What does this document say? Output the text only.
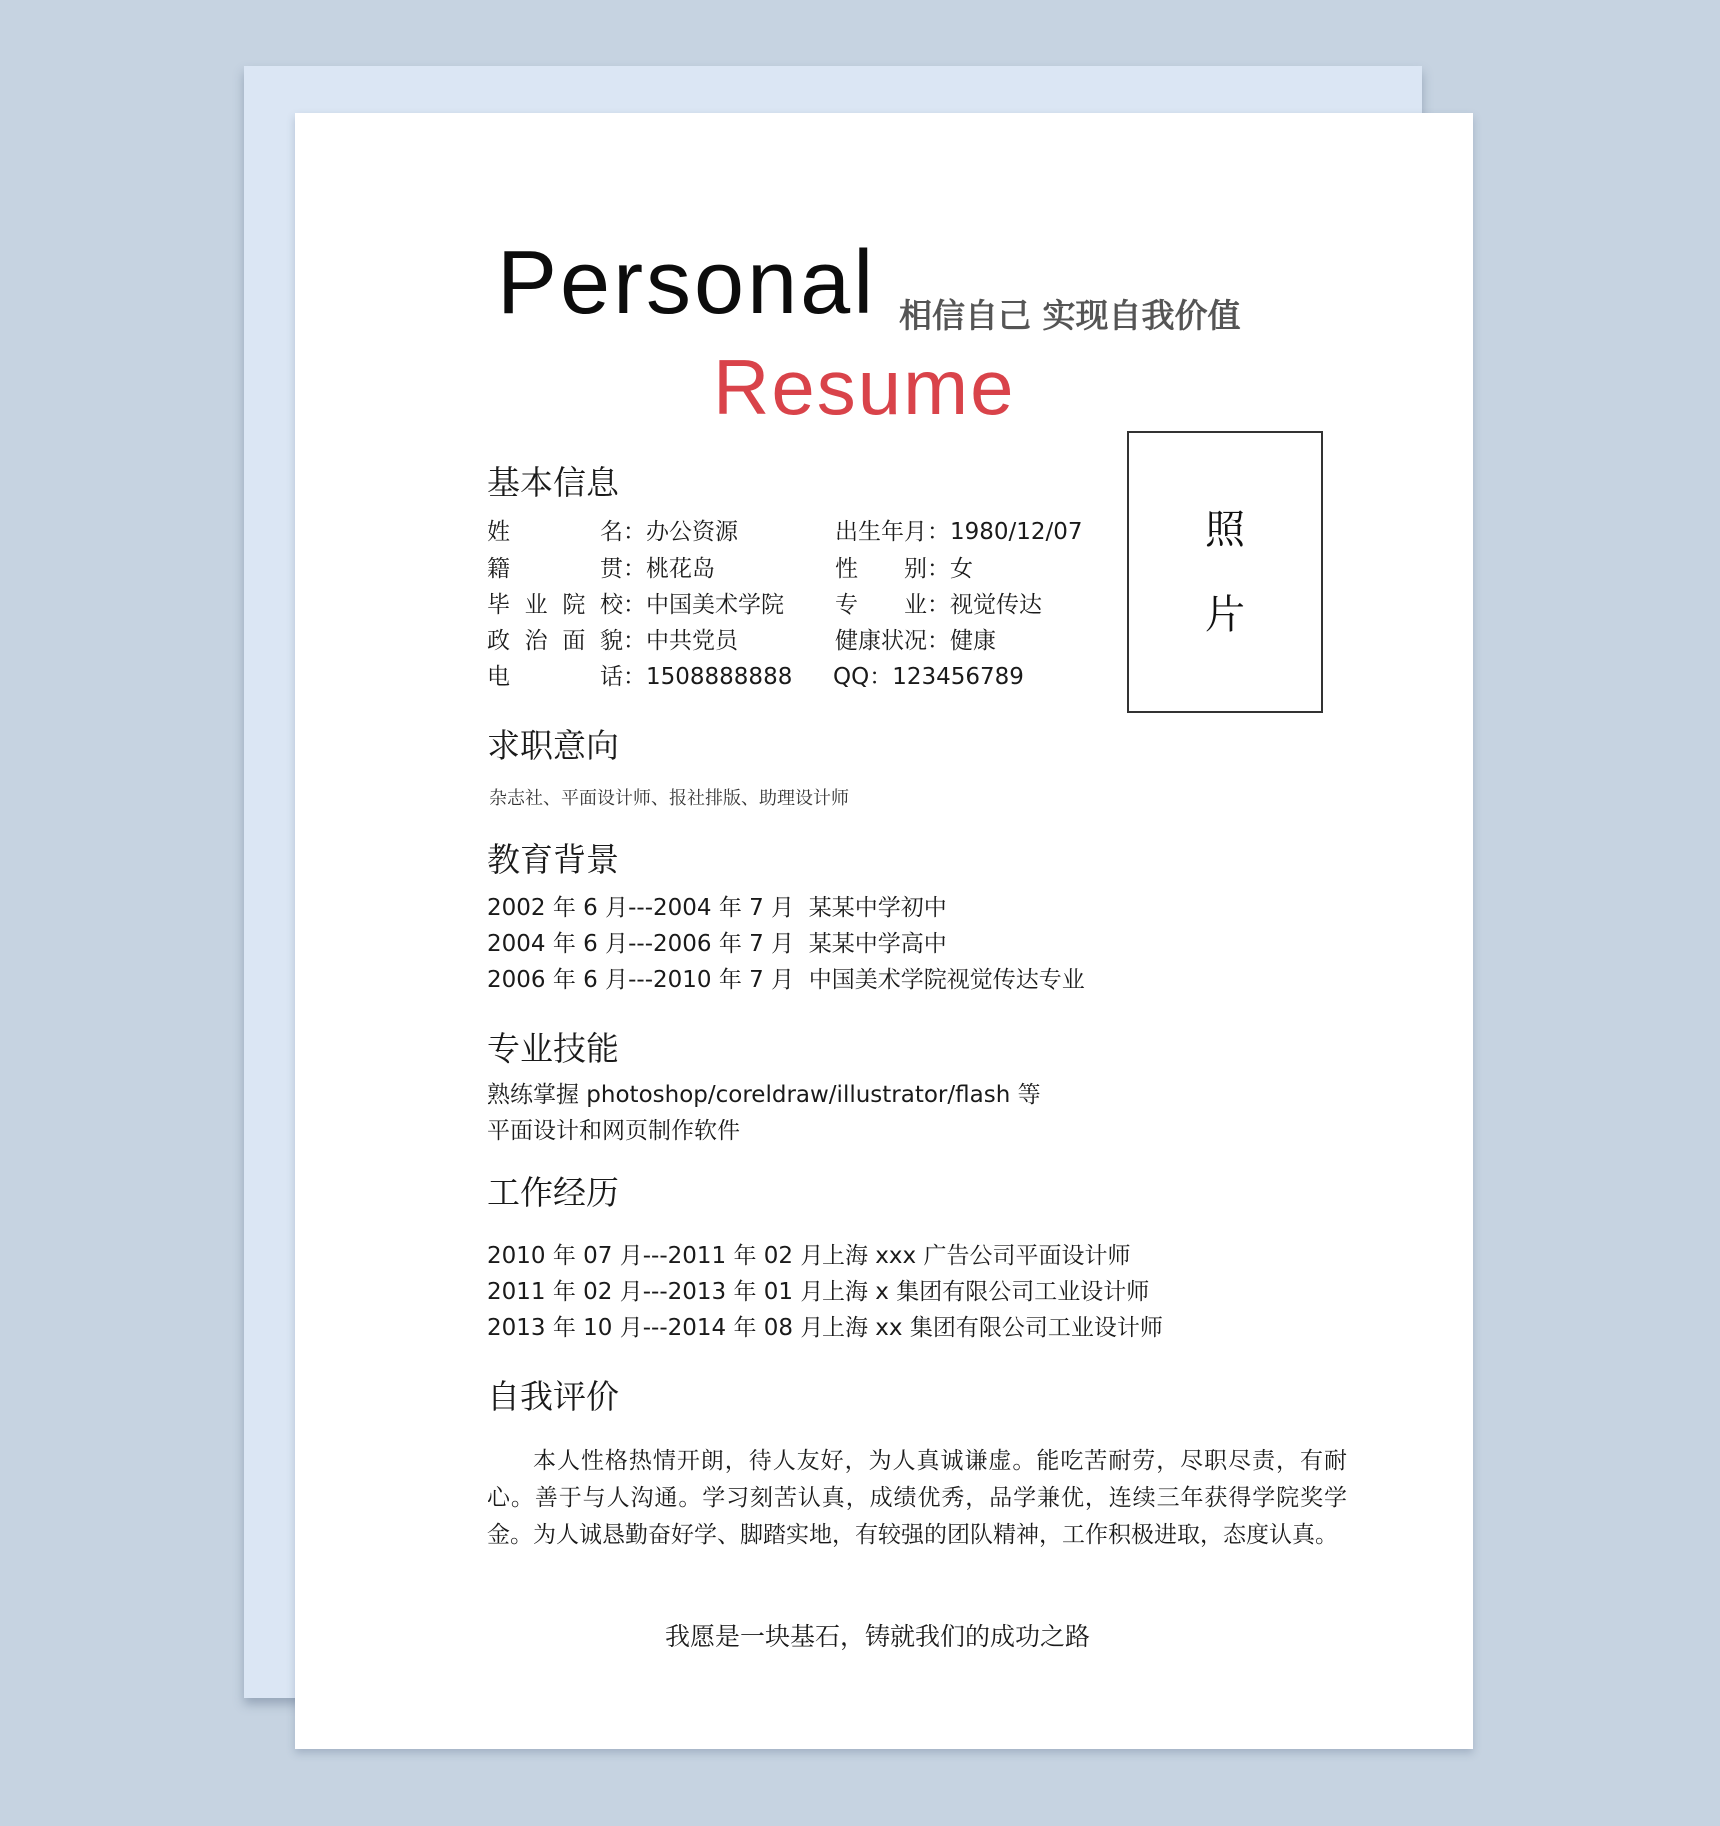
Personal 相信自己 实现自我价值
Resume
照
片
基本信息
姓 名：办公资源
籍 贯：桃花岛
毕业院校：中国美术学院
政治面貌：中共党员
电 话：1508888888
出生年月：1980/12/07
性 别：女
专 业：视觉传达
健康状况：健康
QQ：123456789
求职意向
杂志社、平面设计师、报社排版、助理设计师
教育背景
2002 年 6 月---2004 年 7 月 某某中学初中
2004 年 6 月---2006 年 7 月 某某中学高中
2006 年 6 月---2010 年 7 月 中国美术学院视觉传达专业
专业技能
熟练掌握 photoshop/coreldraw/illustrator/flash 等
平面设计和网页制作软件
工作经历
2010 年 07 月---2011 年 02 月上海 xxx 广告公司平面设计师
2011 年 02 月---2013 年 01 月上海 x 集团有限公司工业设计师
2013 年 10 月---2014 年 08 月上海 xx 集团有限公司工业设计师
自我评价
本人性格热情开朗，待人友好，为人真诚谦虚。能吃苦耐劳，尽职尽责，有耐心。善于与人沟通。学习刻苦认真，成绩优秀，品学兼优，连续三年获得学院奖学金。为人诚恳勤奋好学、脚踏实地，有较强的团队精神，工作积极进取，态度认真。
我愿是一块基石，铸就我们的成功之路
